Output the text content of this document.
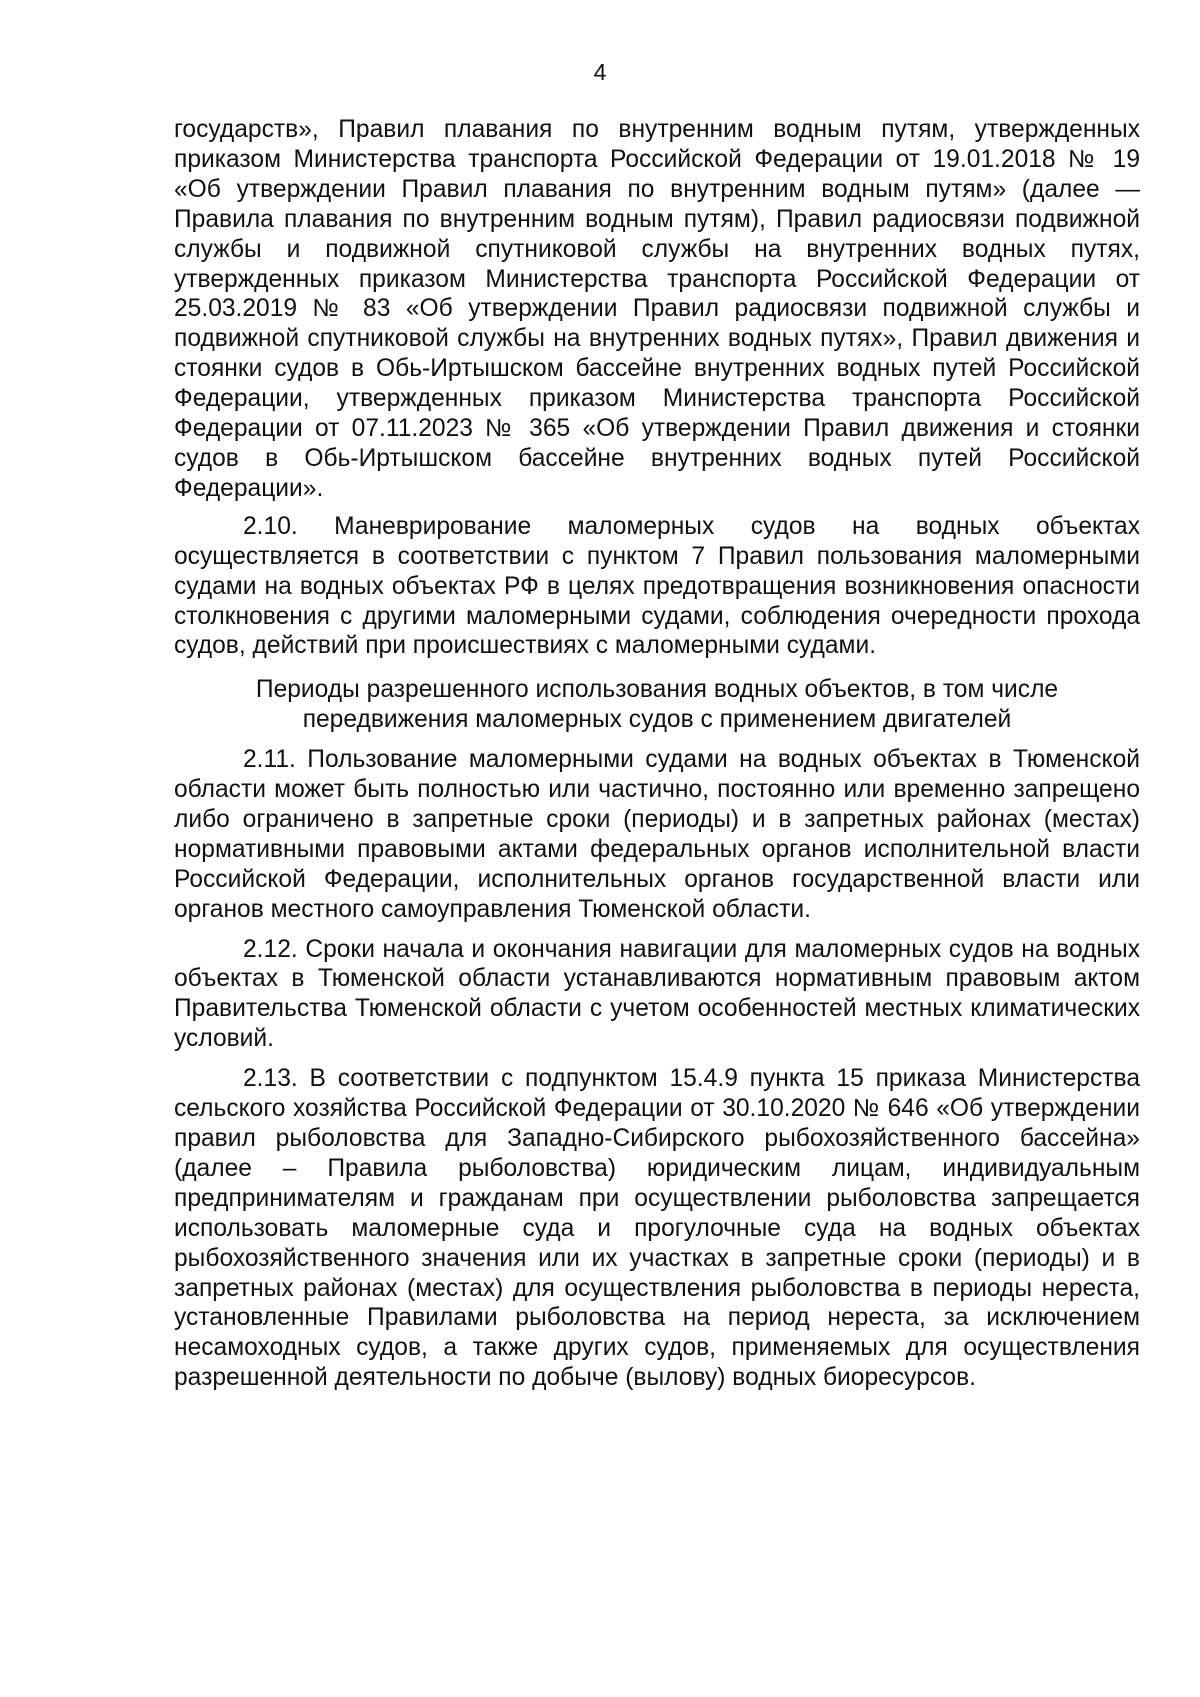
4

государств», Правил плавания по внутренним водным путям, утвержденных приказом Министерства транспорта Российской Федерации от 19.01.2018 № 19 «Об утверждении Правил плавания по внутренним водным путям» (далее — Правила плавания по внутренним водным путям), Правил радиосвязи подвижной службы и подвижной спутниковой службы на внутренних водных путях, утвержденных приказом Министерства транспорта Российской Федерации от 25.03.2019 № 83 «Об утверждении Правил радиосвязи подвижной службы и подвижной спутниковой службы на внутренних водных путях», Правил движения и стоянки судов в Обь-Иртышском бассейне внутренних водных путей Российской Федерации, утвержденных приказом Министерства транспорта Российской Федерации от 07.11.2023 № 365 «Об утверждении Правил движения и стоянки судов в Обь-Иртышском бассейне внутренних водных путей Российской Федерации».

2.10. Маневрирование маломерных судов на водных объектах осуществляется в соответствии с пунктом 7 Правил пользования маломерными судами на водных объектах РФ в целях предотвращения возникновения опасности столкновения с другими маломерными судами, соблюдения очередности прохода судов, действий при происшествиях с маломерными судами.

Периоды разрешенного использования водных объектов, в том числе
передвижения маломерных судов с применением двигателей

2.11. Пользование маломерными судами на водных объектах в Тюменской области может быть полностью или частично, постоянно или временно запрещено либо ограничено в запретные сроки (периоды) и в запретных районах (местах) нормативными правовыми актами федеральных органов исполнительной власти Российской Федерации, исполнительных органов государственной власти или органов местного самоуправления Тюменской области.

2.12. Сроки начала и окончания навигации для маломерных судов на водных объектах в Тюменской области устанавливаются нормативным правовым актом Правительства Тюменской области с учетом особенностей местных климатических условий.

2.13. В соответствии с подпунктом 15.4.9 пункта 15 приказа Министерства сельского хозяйства Российской Федерации от 30.10.2020 № 646 «Об утверждении правил рыболовства для Западно-Сибирского рыбохозяйственного бассейна» (далее – Правила рыболовства) юридическим лицам, индивидуальным предпринимателям и гражданам при осуществлении рыболовства запрещается использовать маломерные суда и прогулочные суда на водных объектах рыбохозяйственного значения или их участках в запретные сроки (периоды) и в запретных районах (местах) для осуществления рыболовства в периоды нереста, установленные Правилами рыболовства на период нереста, за исключением несамоходных судов, а также других судов, применяемых для осуществления разрешенной деятельности по добыче (вылову) водных биоресурсов.
